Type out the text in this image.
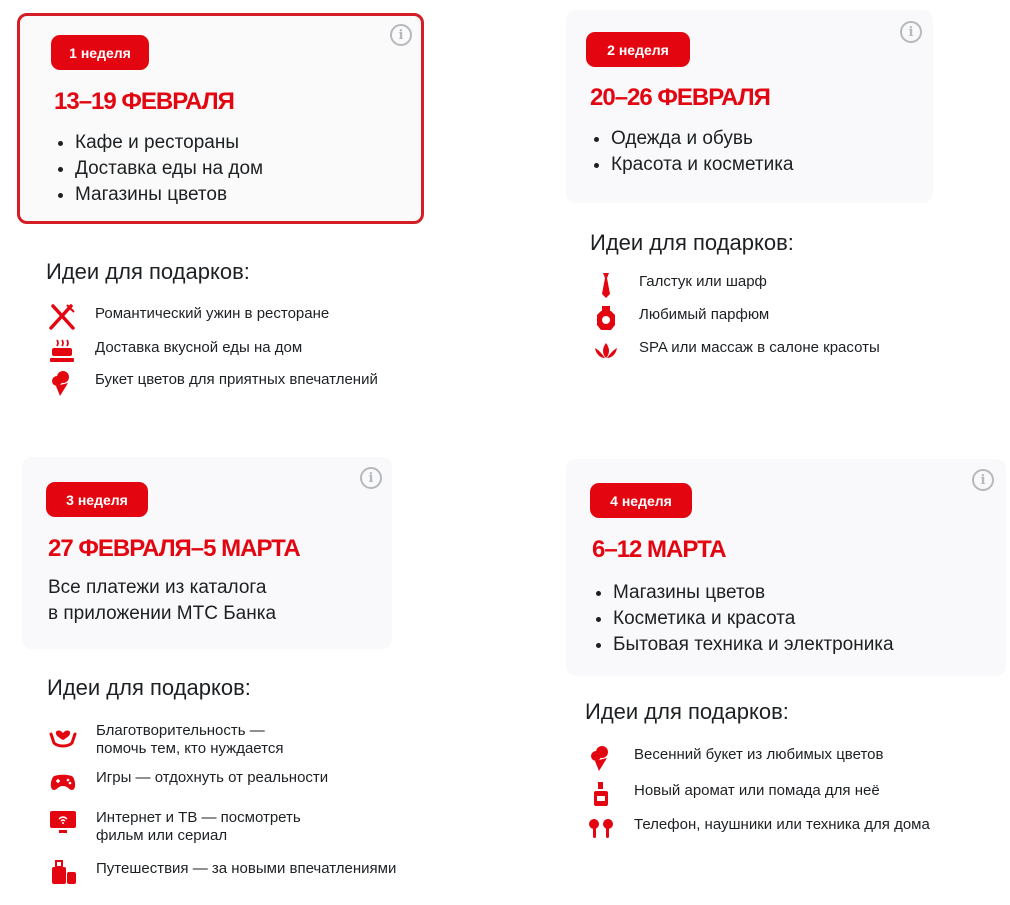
i
1 неделя
13–19 ФЕВРАЛЯ
• Кафе и рестораны
• Доставка еды на дом
• Магазины цветов
Идеи для подарков:
Романтический ужин в ресторане
Доставка вкусной еды на дом
Букет цветов для приятных впечатлений
i
2 неделя
20–26 ФЕВРАЛЯ
• Одежда и обувь
• Красота и косметика
Идеи для подарков:
Галстук или шарф
Любимый парфюм
SPA или массаж в салоне красоты
i
3 неделя
27 ФЕВРАЛЯ–5 МАРТА
Все платежи из каталога
в приложении МТС Банка
Идеи для подарков:
Благотворительность —
помочь тем, кто нуждается
Игры — отдохнуть от реальности
Интернет и ТВ — посмотреть
фильм или сериал
Путешествия — за новыми впечатлениями
i
4 неделя
6–12 МАРТА
• Магазины цветов
• Косметика и красота
• Бытовая техника и электроника
Идеи для подарков:
Весенний букет из любимых цветов
Новый аромат или помада для неё
Телефон, наушники или техника для дома
